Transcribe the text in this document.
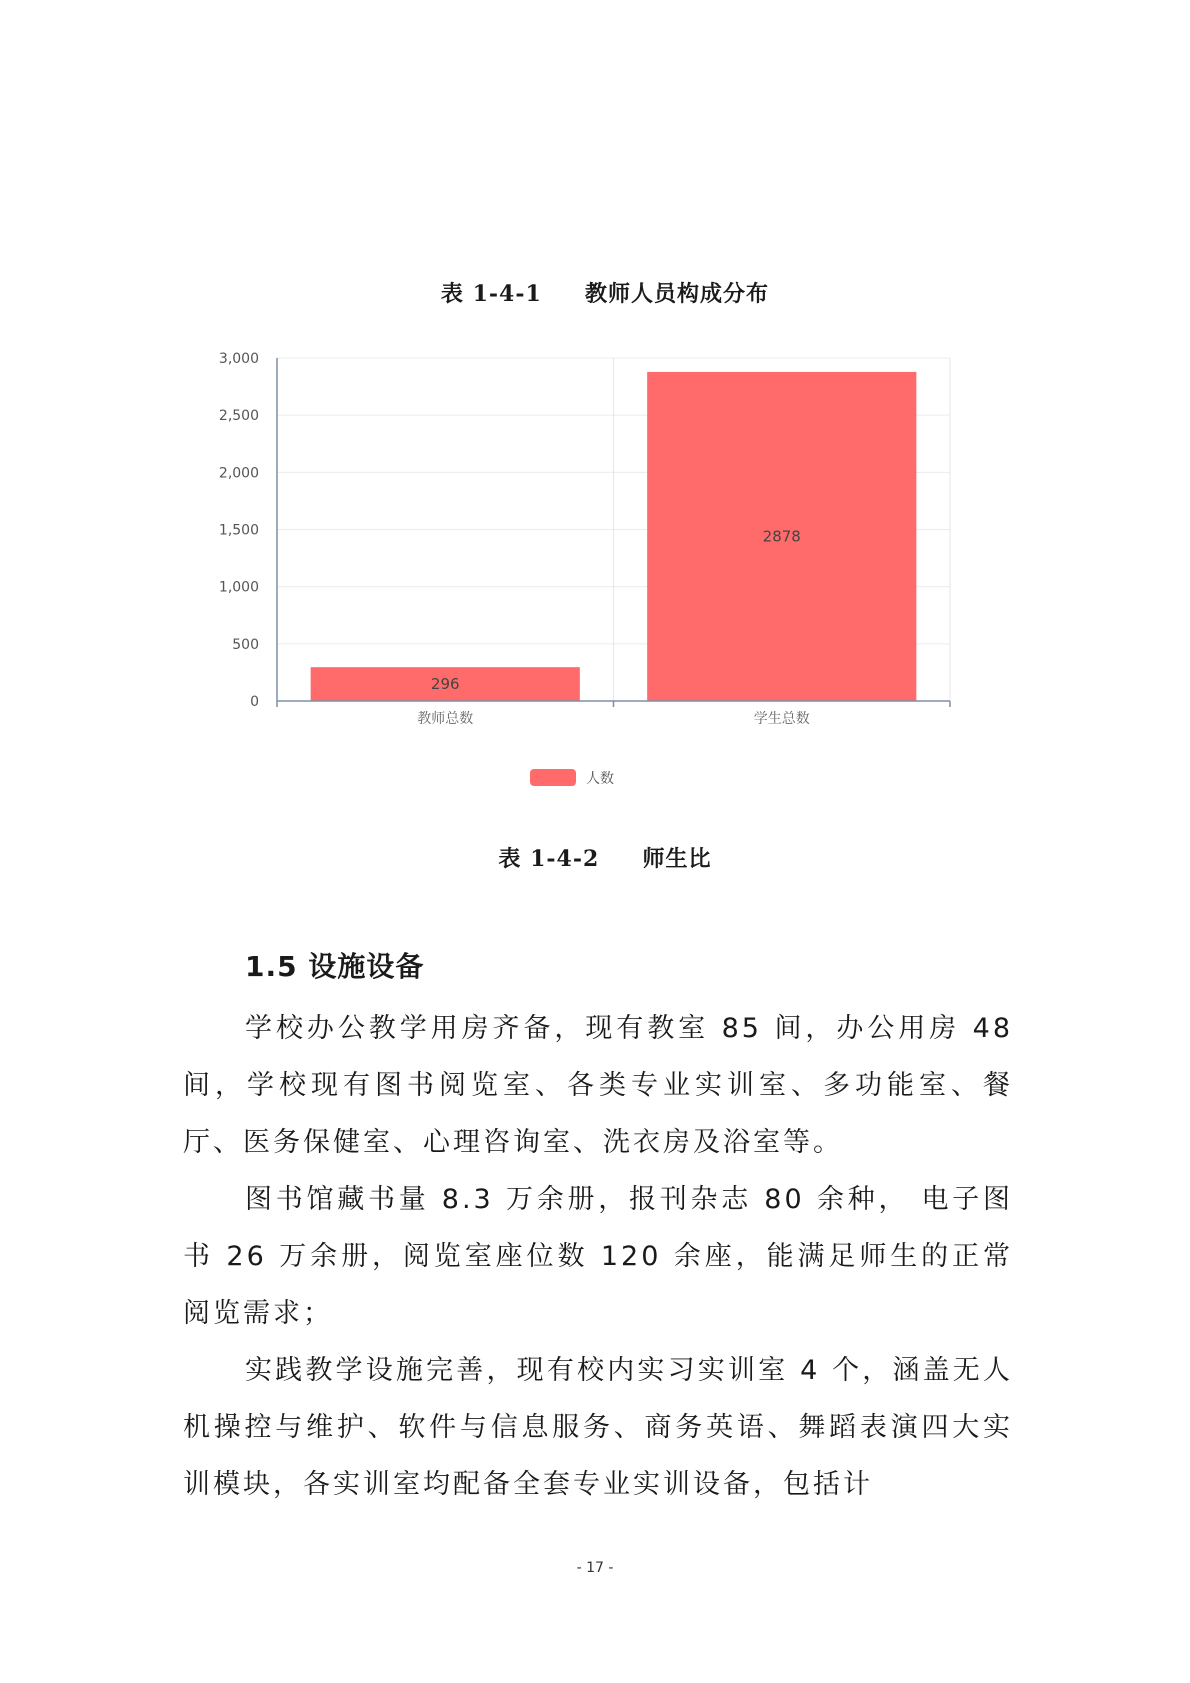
表 1-4-1     教师人员构成分布
0
500
1,000
1,500
2,000
2,500
3,000
296
教师总数
2878
学生总数
人数
表 1-4-2     师生比
1.5 设施设备

学校办公教学用房齐备，现有教室 85 间，办公用房 48 间，学校现有图书阅览室、各类专业实训室、多功能室、餐厅、医务保健室、心理咨询室、洗衣房及浴室等。

图书馆藏书量 8.3 万余册，报刊杂志 80 余种， 电子图书 26 万余册，阅览室座位数 120 余座，能满足师生的正常阅览需求；

实践教学设施完善，现有校内实习实训室 4 个，涵盖无人机操控与维护、软件与信息服务、商务英语、舞蹈表演四大实训模块，各实训室均配备全套专业实训设备，包括计

- 17 -
